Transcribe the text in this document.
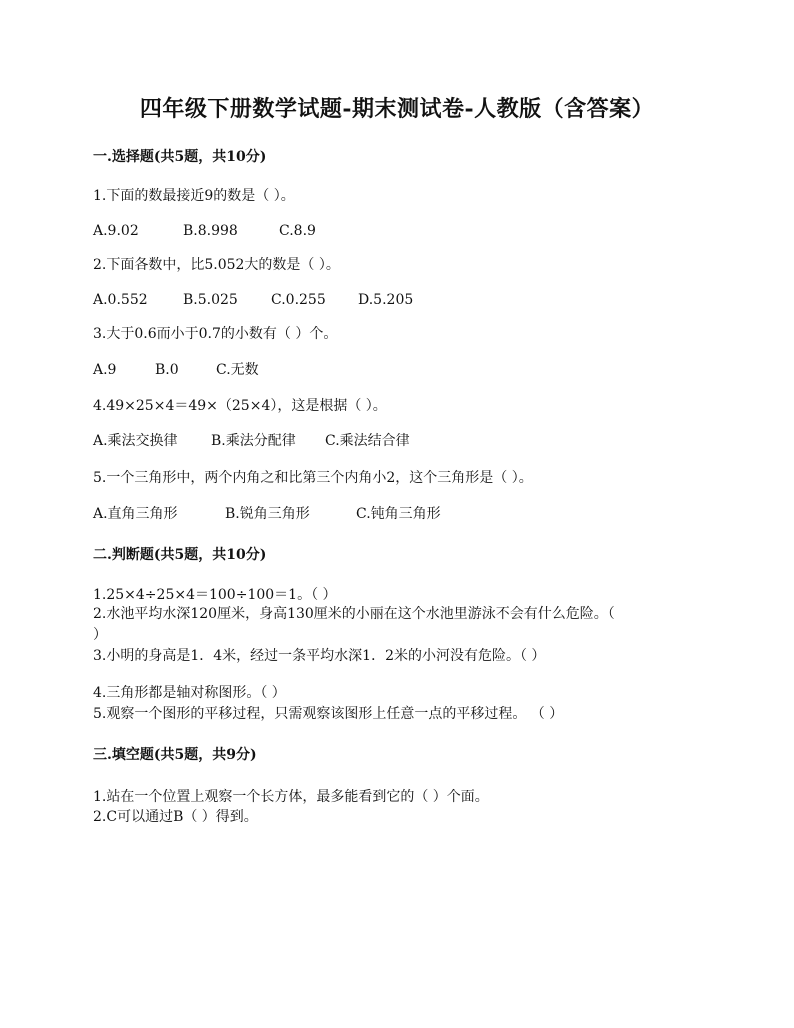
四年级下册数学试题-期末测试卷-人教版（含答案）
一.选择题(共5题，共10分)
1.下面的数最接近9的数是（ ）。
A.9.02	B.8.998	C.8.9
2.下面各数中，比5.052大的数是（ ）。
A.0.552	B.5.025 C.0.255 D.5.205
3.大于0.6而小于0.7的小数有（ ）个。
A.9	B.0	C.无数
4.49×25×4＝49×（25×4），这是根据（ ）。
A.乘法交换律 B.乘法分配律 C.乘法结合律
5.一个三角形中，两个内角之和比第三个内角小2，这个三角形是（ ）。
A.直角三角形	B.锐角三角形	C.钝角三角形
二.判断题(共5题，共10分)
1.25×4÷25×4＝100÷100＝1。（ ）
2.水池平均水深120厘米，身高130厘米的小丽在这个水池里游泳不会有什么危险。（
）
3.小明的身高是1．4米，经过一条平均水深1．2米的小河没有危险。（ ）
4.三角形都是轴对称图形。（ ）
5.观察一个图形的平移过程，只需观察该图形上任意一点的平移过程。 （ ）
三.填空题(共5题，共9分)
1.站在一个位置上观察一个长方体，最多能看到它的（ ）个面。
2.C可以通过B（ ）得到。
